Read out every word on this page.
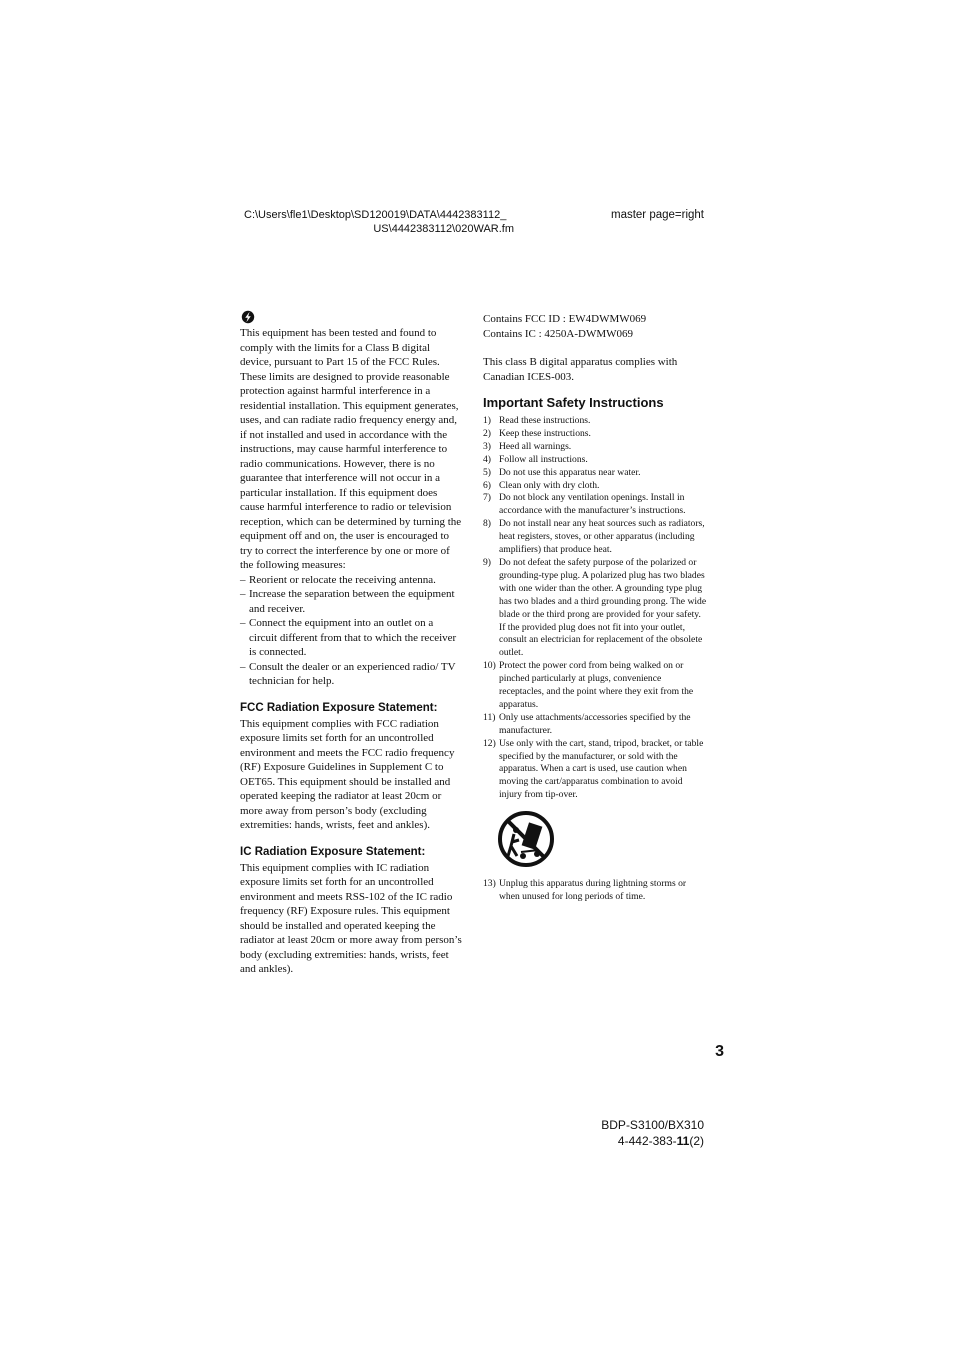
C:\Users\fle1\Desktop\SD120019\DATA\4442383112_
US\4442383112\020WAR.fm
master page=right

This equipment has been tested and found to comply with the limits for a Class B digital device, pursuant to Part 15 of the FCC Rules. These limits are designed to provide reasonable protection against harmful interference in a residential installation. This equipment generates, uses, and can radiate radio frequency energy and, if not installed and used in accordance with the instructions, may cause harmful interference to radio communications. However, there is no guarantee that interference will not occur in a particular installation. If this equipment does cause harmful interference to radio or television reception, which can be determined by turning the equipment off and on, the user is encouraged to try to correct the interference by one or more of the following measures:

– Reorient or relocate the receiving antenna.
– Increase the separation between the equipment and receiver.
– Connect the equipment into an outlet on a circuit different from that to which the receiver is connected.
– Consult the dealer or an experienced radio/ TV technician for help.
FCC Radiation Exposure Statement:

This equipment complies with FCC radiation exposure limits set forth for an uncontrolled environment and meets the FCC radio frequency (RF) Exposure Guidelines in Supplement C to OET65. This equipment should be installed and operated keeping the radiator at least 20cm or more away from person’s body (excluding extremities: hands, wrists, feet and ankles).

IC Radiation Exposure Statement:

This equipment complies with IC radiation exposure limits set forth for an uncontrolled environment and meets RSS-102 of the IC radio frequency (RF) Exposure rules. This equipment should be installed and operated keeping the radiator at least 20cm or more away from person’s body (excluding extremities: hands, wrists, feet and ankles).

Contains FCC ID : EW4DWMW069

Contains IC : 4250A-DWMW069

This class B digital apparatus complies with Canadian ICES-003.

Important Safety Instructions
1) Read these instructions.
2) Keep these instructions.
3) Heed all warnings.
4) Follow all instructions.
5) Do not use this apparatus near water.
6) Clean only with dry cloth.
7) Do not block any ventilation openings. Install in accordance with the manufacturer’s instructions.
8) Do not install near any heat sources such as radiators, heat registers, stoves, or other apparatus (including amplifiers) that produce heat.
9) Do not defeat the safety purpose of the polarized or grounding-type plug. A polarized plug has two blades with one wider than the other. A grounding type plug has two blades and a third grounding prong. The wide blade or the third prong are provided for your safety. If the provided plug does not fit into your outlet, consult an electrician for replacement of the obsolete outlet.
10) Protect the power cord from being walked on or pinched particularly at plugs, convenience receptacles, and the point where they exit from the apparatus.
11) Only use attachments/accessories specified by the manufacturer.
12) Use only with the cart, stand, tripod, bracket, or table specified by the manufacturer, or sold with the apparatus. When a cart is used, use caution when moving the cart/apparatus combination to avoid injury from tip-over.
13) Unplug this apparatus during lightning storms or when unused for long periods of time.
3
BDP-S3100/BX310
4-442-383-11(2)
